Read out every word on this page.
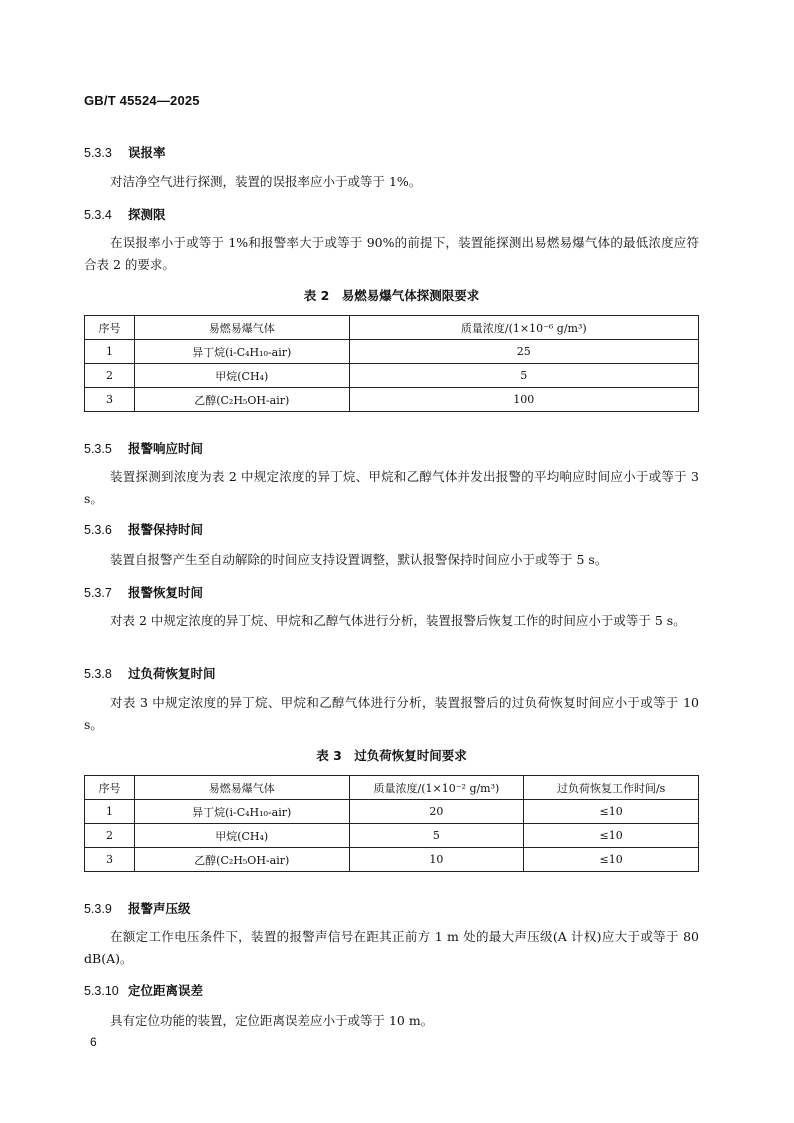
GB/T 45524—2025
5.3.3 误报率
对洁净空气进行探测，装置的误报率应小于或等于 1%。
5.3.4 探测限
在误报率小于或等于 1%和报警率大于或等于 90%的前提下，装置能探测出易燃易爆气体的最低浓度应符合表 2 的要求。
表 2　易燃易爆气体探测限要求
序号	易燃易爆气体	质量浓度/(1×10⁻⁶ g/m³)
1	异丁烷(i-C₄H₁₀-air)	25
2	甲烷(CH₄)	5
3	乙醇(C₂H₅OH-air)	100
5.3.5 报警响应时间
装置探测到浓度为表 2 中规定浓度的异丁烷、甲烷和乙醇气体并发出报警的平均响应时间应小于或等于 3 s。
5.3.6 报警保持时间
装置自报警产生至自动解除的时间应支持设置调整，默认报警保持时间应小于或等于 5 s。
5.3.7 报警恢复时间
对表 2 中规定浓度的异丁烷、甲烷和乙醇气体进行分析，装置报警后恢复工作的时间应小于或等于 5 s。
5.3.8 过负荷恢复时间
对表 3 中规定浓度的异丁烷、甲烷和乙醇气体进行分析，装置报警后的过负荷恢复时间应小于或等于 10 s。
表 3　过负荷恢复时间要求
序号	易燃易爆气体	质量浓度/(1×10⁻² g/m³)	过负荷恢复工作时间/s
1	异丁烷(i-C₄H₁₀-air)	20	≤10
2	甲烷(CH₄)	5	≤10
3	乙醇(C₂H₅OH-air)	10	≤10
5.3.9 报警声压级
在额定工作电压条件下，装置的报警声信号在距其正前方 1 m 处的最大声压级(A 计权)应大于或等于 80 dB(A)。
5.3.10 定位距离误差
具有定位功能的装置，定位距离误差应小于或等于 10 m。
6
